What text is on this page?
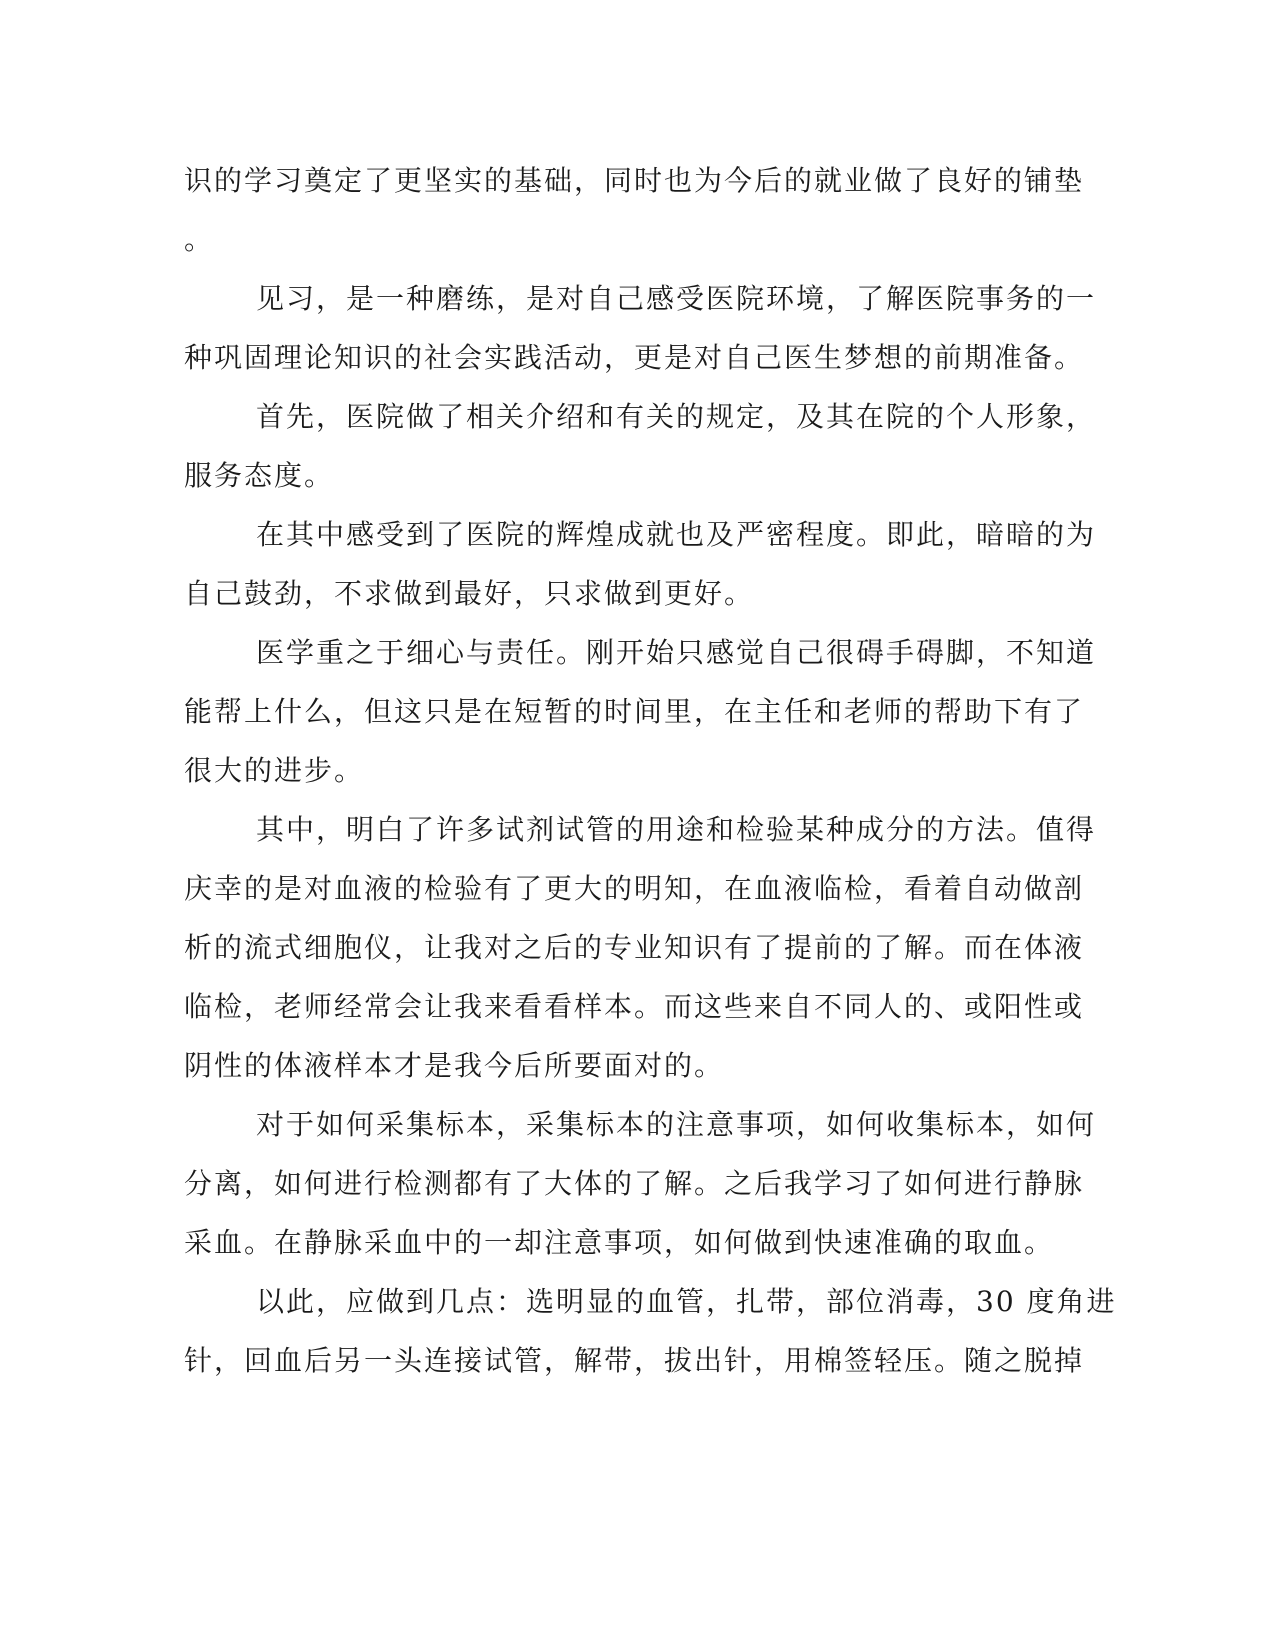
识的学习奠定了更坚实的基础，同时也为今后的就业做了良好的铺垫
。
见习，是一种磨练，是对自己感受医院环境，了解医院事务的一
种巩固理论知识的社会实践活动，更是对自己医生梦想的前期准备。
首先，医院做了相关介绍和有关的规定，及其在院的个人形象，
服务态度。
在其中感受到了医院的辉煌成就也及严密程度。即此，暗暗的为
自己鼓劲，不求做到最好，只求做到更好。
医学重之于细心与责任。刚开始只感觉自己很碍手碍脚，不知道
能帮上什么，但这只是在短暂的时间里，在主任和老师的帮助下有了
很大的进步。
其中，明白了许多试剂试管的用途和检验某种成分的方法。值得
庆幸的是对血液的检验有了更大的明知，在血液临检，看着自动做剖
析的流式细胞仪，让我对之后的专业知识有了提前的了解。而在体液
临检，老师经常会让我来看看样本。而这些来自不同人的、或阳性或
阴性的体液样本才是我今后所要面对的。
对于如何采集标本，采集标本的注意事项，如何收集标本，如何
分离，如何进行检测都有了大体的了解。之后我学习了如何进行静脉
采血。在静脉采血中的一却注意事项，如何做到快速准确的取血。
以此，应做到几点：选明显的血管，扎带，部位消毒，30 度角进
针，回血后另一头连接试管，解带，拔出针，用棉签轻压。随之脱掉
